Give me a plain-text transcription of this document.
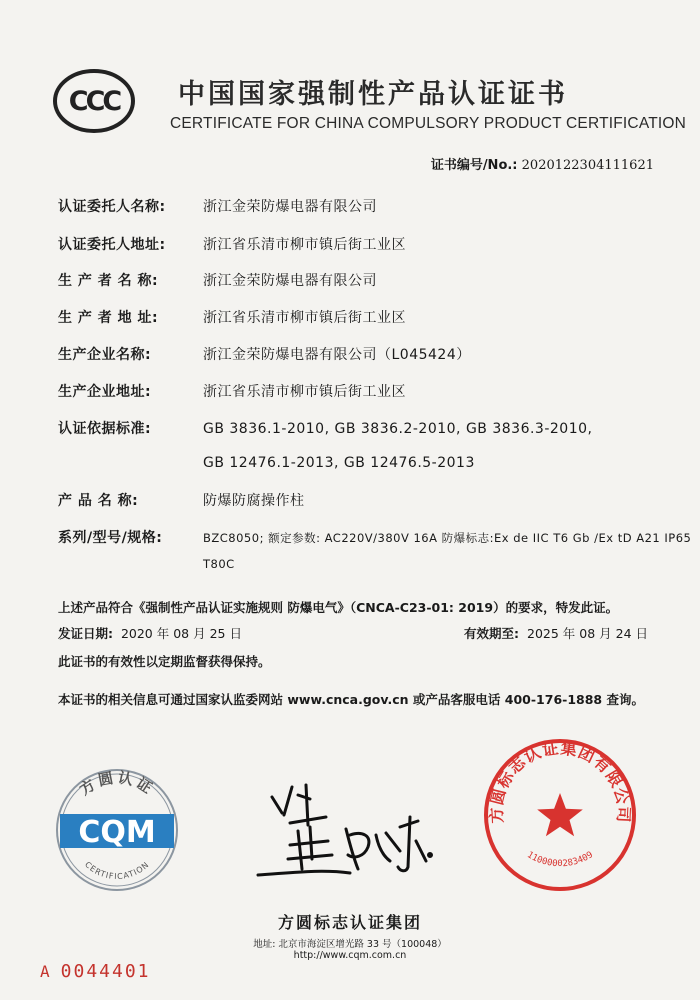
CCC 中国国家强制性产品认证证书
CERTIFICATE FOR CHINA COMPULSORY PRODUCT CERTIFICATION
证书编号/No.: 2020122304111621
认证委托人名称:	浙江金荣防爆电器有限公司
认证委托人地址:	浙江省乐清市柳市镇后街工业区
生 产 者 名 称:	浙江金荣防爆电器有限公司
生 产 者 地 址:	浙江省乐清市柳市镇后街工业区
生产企业名称:	浙江金荣防爆电器有限公司（L045424）
生产企业地址:	浙江省乐清市柳市镇后街工业区
认证依据标准:	GB 3836.1-2010, GB 3836.2-2010, GB 3836.3-2010,
GB 12476.1-2013, GB 12476.5-2013
产 品 名 称:	防爆防腐操作柱
系列/型号/规格:	BZC8050; 额定参数: AC220V/380V 16A 防爆标志:Ex de IIC T6 Gb /Ex tD A21 IP65
T80C
上述产品符合《强制性产品认证实施规则 防爆电气》（CNCA-C23-01: 2019）的要求，特发此证。
发证日期: 2020 年 08 月 25 日	有效期至: 2025 年 08 月 24 日
此证书的有效性以定期监督获得保持。
本证书的相关信息可通过国家认监委网站 www.cnca.gov.cn 或产品客服电话 400-176-1888 查询。
方圆认证
CQM
CERTIFICATION
方圆标志认证集团有限公司
1100000283409
方圆标志认证集团
地址: 北京市海淀区增光路 33 号（100048）
http://www.cqm.com.cn
A 0044401
